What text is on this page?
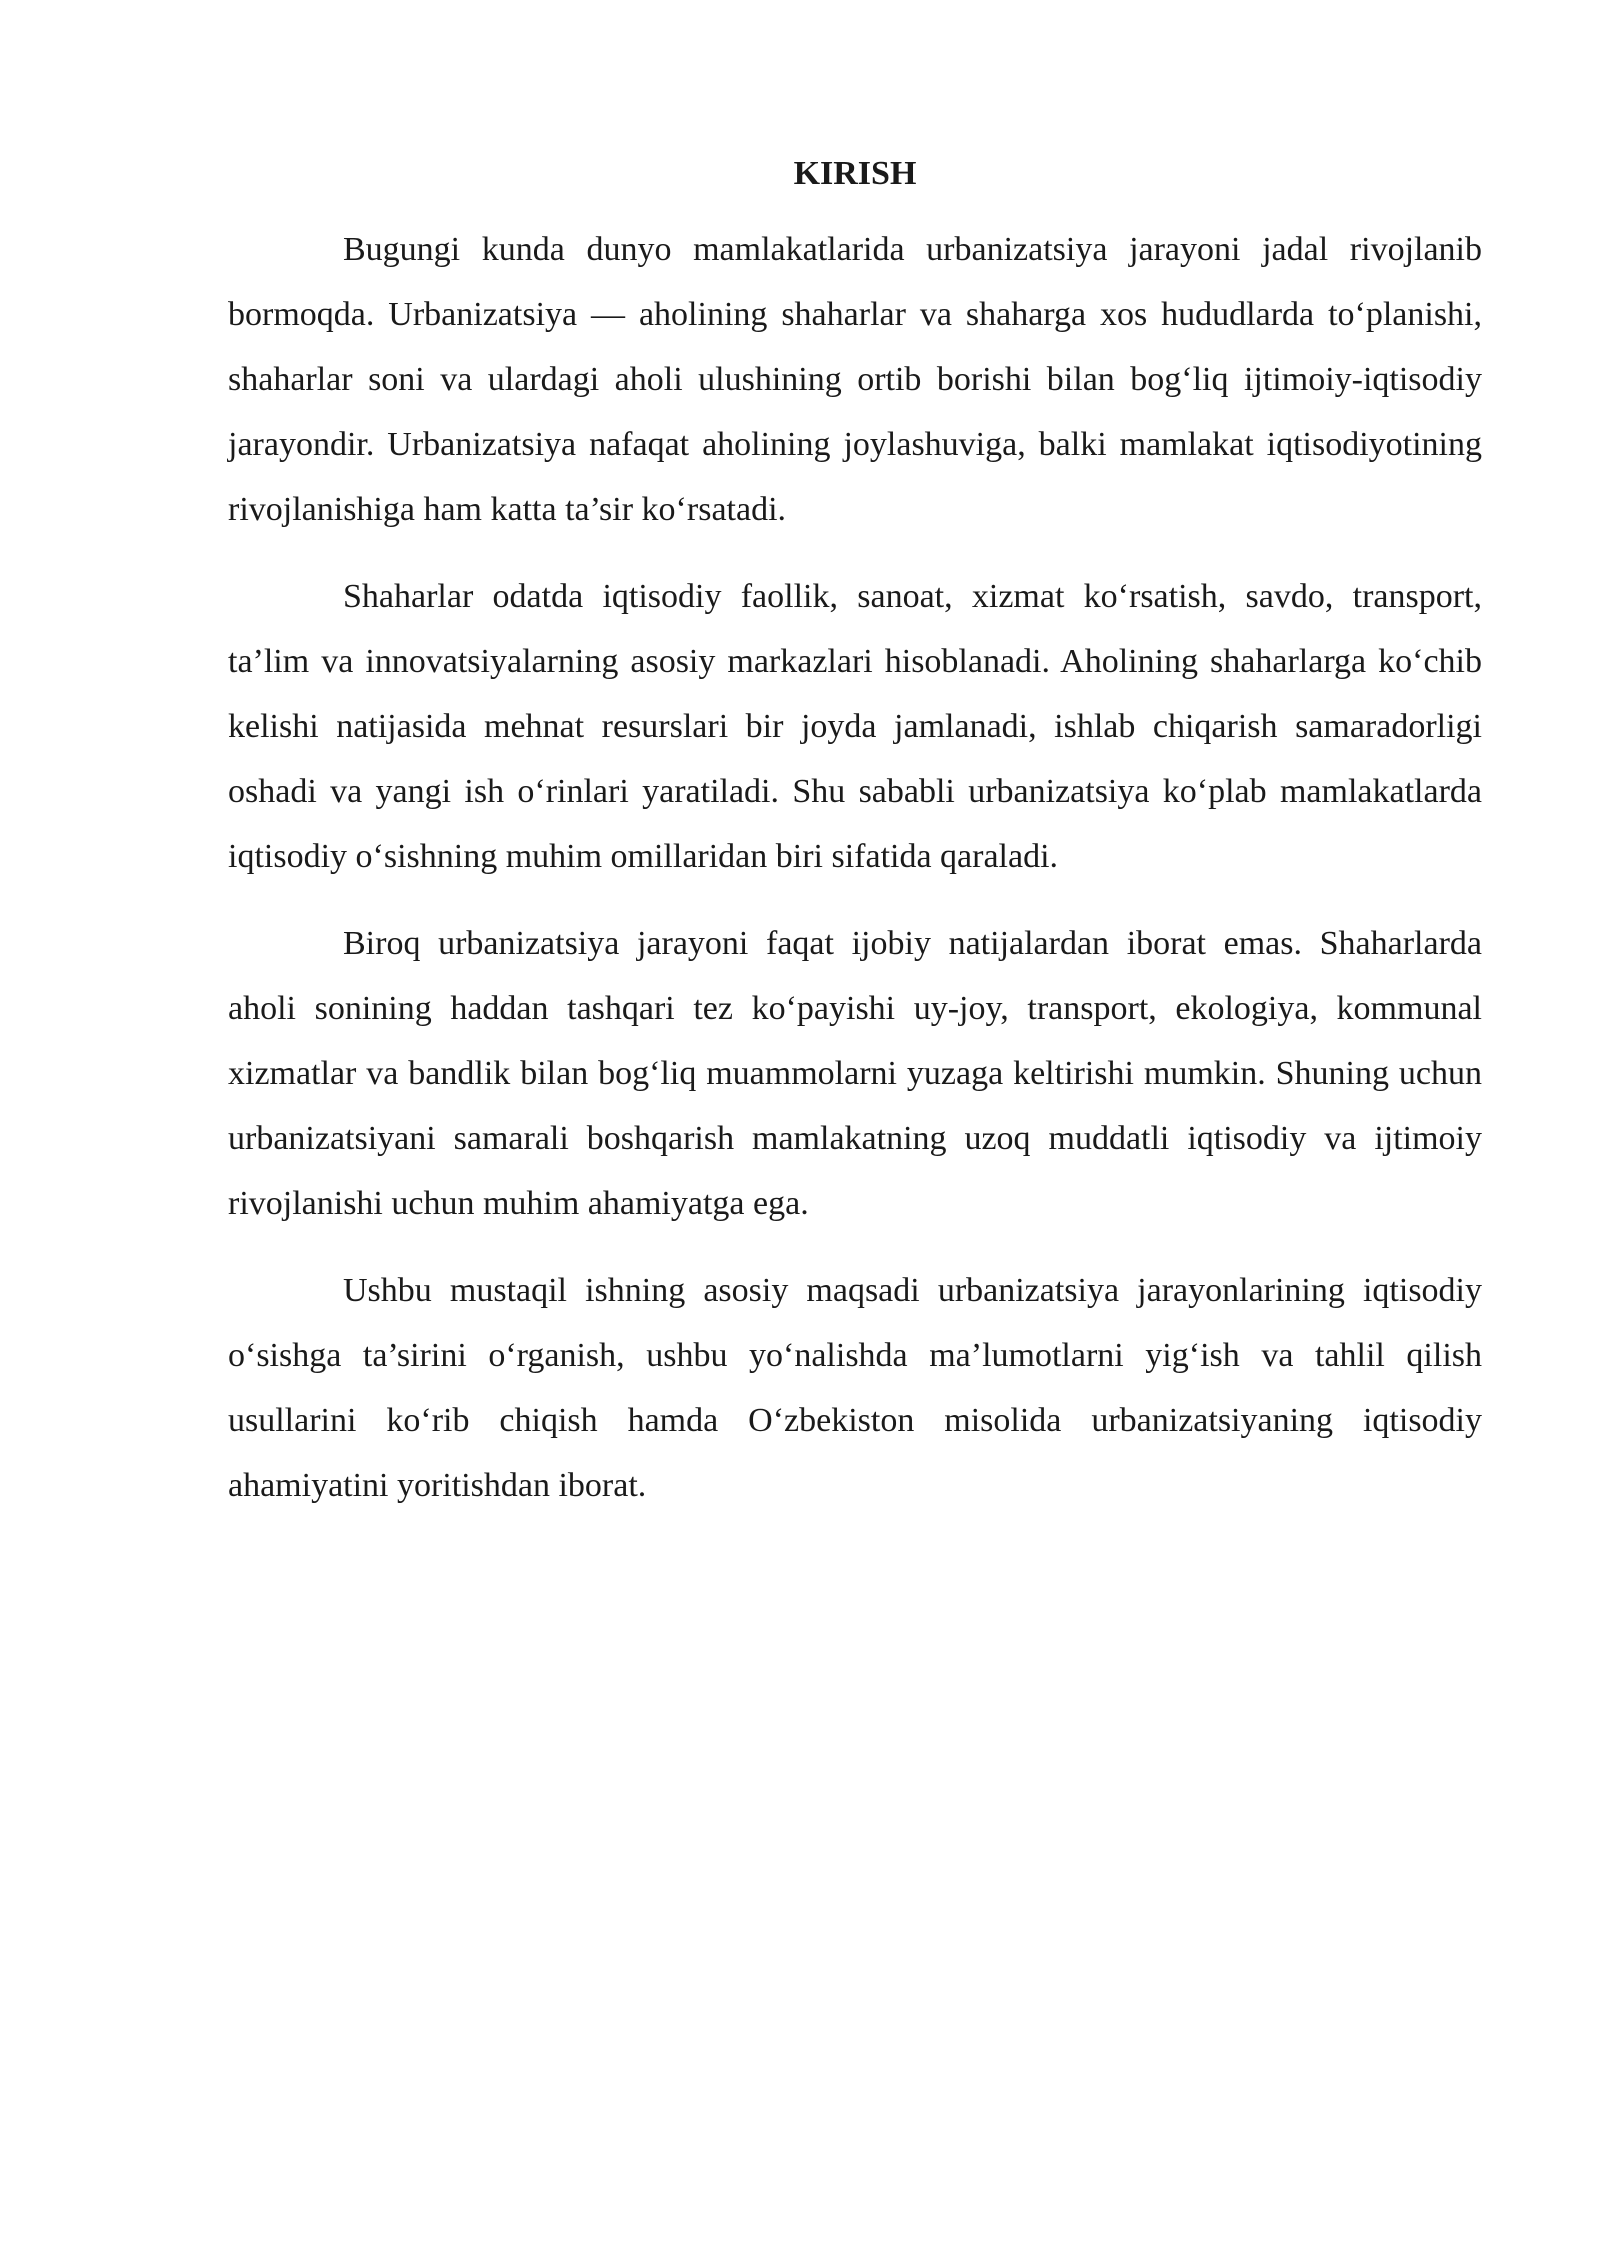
KIRISH

Bugungi kunda dunyo mamlakatlarida urbanizatsiya jarayoni jadal rivojlanib bormoqda. Urbanizatsiya — aholining shaharlar va shaharga xos hududlarda to‘planishi, shaharlar soni va ulardagi aholi ulushining ortib borishi bilan bog‘liq ijtimoiy-iqtisodiy jarayondir. Urbanizatsiya nafaqat aholining joylashuviga, balki mamlakat iqtisodiyotining rivojlanishiga ham katta ta’sir ko‘rsatadi.

Shaharlar odatda iqtisodiy faollik, sanoat, xizmat ko‘rsatish, savdo, transport, ta’lim va innovatsiyalarning asosiy markazlari hisoblanadi. Aholining shaharlarga ko‘chib kelishi natijasida mehnat resurslari bir joyda jamlanadi, ishlab chiqarish samaradorligi oshadi va yangi ish o‘rinlari yaratiladi. Shu sababli urbanizatsiya ko‘plab mamlakatlarda iqtisodiy o‘sishning muhim omillaridan biri sifatida qaraladi.

Biroq urbanizatsiya jarayoni faqat ijobiy natijalardan iborat emas. Shaharlarda aholi sonining haddan tashqari tez ko‘payishi uy-joy, transport, ekologiya, kommunal xizmatlar va bandlik bilan bog‘liq muammolarni yuzaga keltirishi mumkin. Shuning uchun urbanizatsiyani samarali boshqarish mamlakatning uzoq muddatli iqtisodiy va ijtimoiy rivojlanishi uchun muhim ahamiyatga ega.

Ushbu mustaqil ishning asosiy maqsadi urbanizatsiya jarayonlarining iqtisodiy o‘sishga ta’sirini o‘rganish, ushbu yo‘nalishda ma’lumotlarni yig‘ish va tahlil qilish usullarini ko‘rib chiqish hamda O‘zbekiston misolida urbanizatsiyaning iqtisodiy ahamiyatini yoritishdan iborat.
